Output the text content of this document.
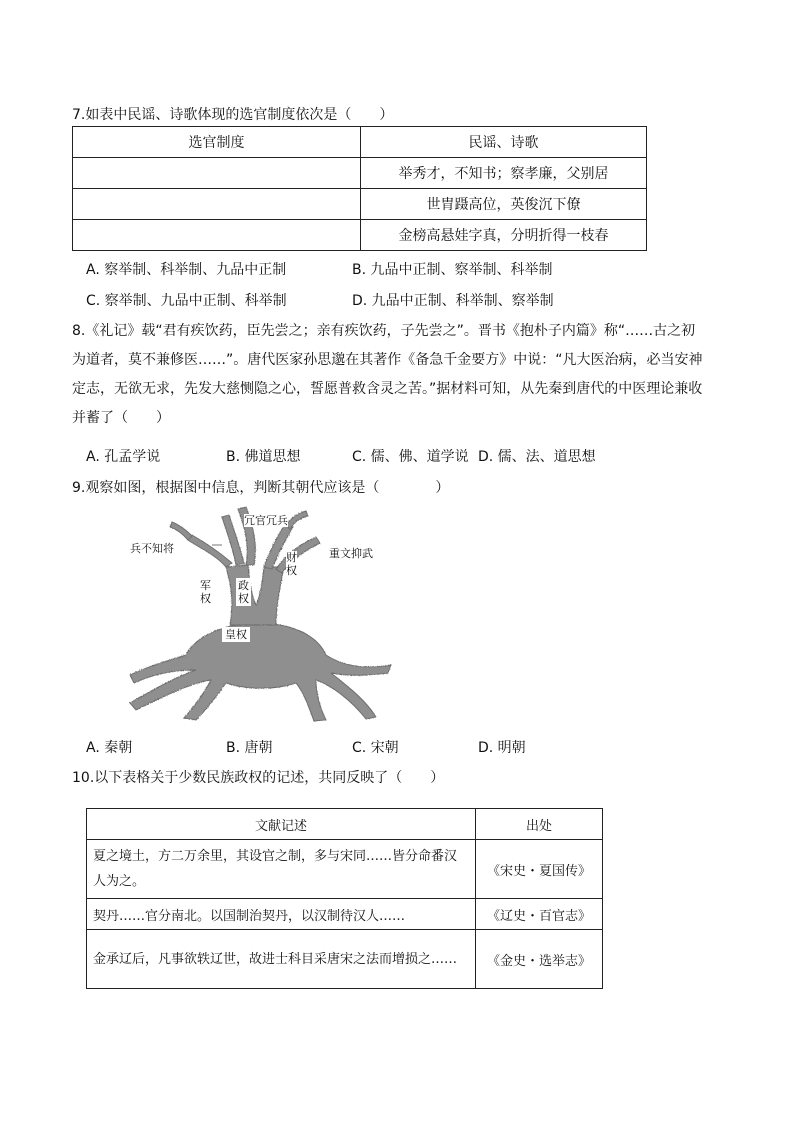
7.如表中民谣、诗歌体现的选官制度依次是（　　）
选官制度	民谣、诗歌
	举秀才，不知书；察孝廉，父别居
	世胄蹑高位，英俊沉下僚
	金榜高悬娃字真，分明折得一枝春
A. 察举制、科举制、九品中正制	B. 九品中正制、察举制、科举制
C. 察举制、九品中正制、科举制	D. 九品中正制、科举制、察举制
8.《礼记》载“君有疾饮药，臣先尝之；亲有疾饮药，子先尝之”。晋书《抱朴子内篇》称“……古之初
为道者，莫不兼修医……”。唐代医家孙思邈在其著作《备急千金要方》中说：“凡大医治病，必当安神
定志，无欲无求，先发大慈恻隐之心，誓愿普救含灵之苦。”据材料可知，从先秦到唐代的中医理论兼收
并蓄了（　　）
A. 孔孟学说	B. 佛道思想	C. 儒、佛、道学说 D. 儒、法、道思想
9.观察如图，根据图中信息，判断其朝代应该是（　　　　）
冗官冗兵
兵不知将
财
权
重文抑武
军
权
政
权
皇权
A. 秦朝	B. 唐朝	C. 宋朝	D. 明朝
10.以下表格关于少数民族政权的记述，共同反映了（　　）
文献记述	出处
夏之境土，方二万余里，其设官之制，多与宋同……皆分命番汉人为之。	《宋史・夏国传》
契丹……官分南北。以国制治契丹，以汉制待汉人……	《辽史・百官志》
金承辽后，凡事欲轶辽世，故进士科目采唐宋之法而增损之……	《金史・选举志》
